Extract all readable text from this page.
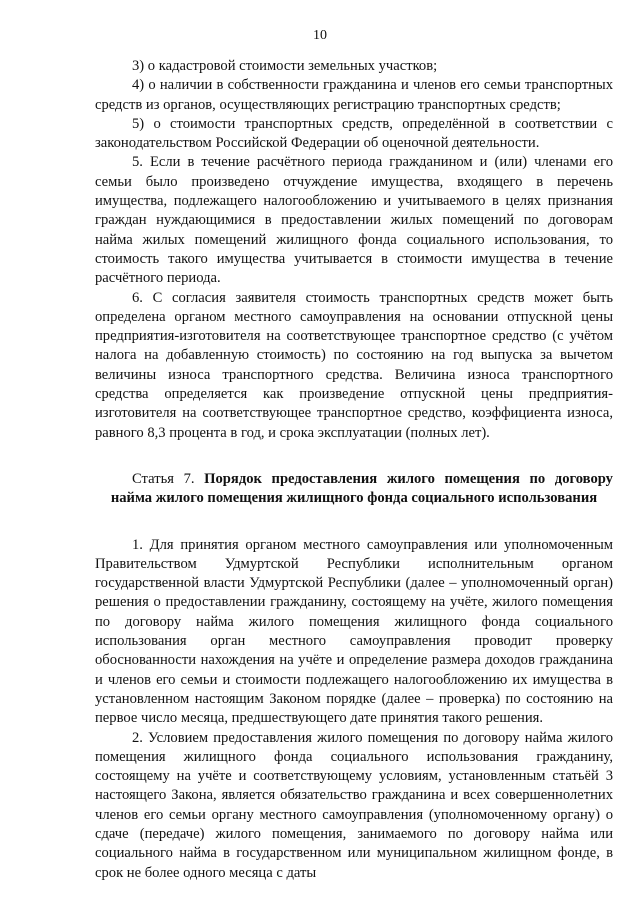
10

3) о кадастровой стоимости земельных участков;

4) о наличии в собственности гражданина и членов его семьи транспортных средств из органов, осуществляющих регистрацию транспортных средств;

5) о стоимости транспортных средств, определённой в соответствии с законодательством Российской Федерации об оценочной деятельности.

5. Если в течение расчётного периода гражданином и (или) членами его семьи было произведено отчуждение имущества, входящего в перечень имущества, подлежащего налогообложению и учитываемого в целях признания граждан нуждающимися в предоставлении жилых помещений по договорам найма жилых помещений жилищного фонда социального использования, то стоимость такого имущества учитывается в стоимости имущества в течение расчётного периода.

6. С согласия заявителя стоимость транспортных средств может быть определена органом местного самоуправления на основании отпускной цены предприятия-изготовителя на соответствующее транспортное средство (с учётом налога на добавленную стоимость) по состоянию на год выпуска за вычетом величины износа транспортного средства. Величина износа транспортного средства определяется как произведение отпускной цены предприятия-изготовителя на соответствующее транспортное средство, коэффициента износа, равного 8,3 процента в год, и срока эксплуатации (полных лет).

Статья 7. Порядок предоставления жилого помещения по договору найма жилого помещения жилищного фонда социального использования

1. Для принятия органом местного самоуправления или уполномоченным Правительством Удмуртской Республики исполнительным органом государственной власти Удмуртской Республики (далее – уполномоченный орган) решения о предоставлении гражданину, состоящему на учёте, жилого помещения по договору найма жилого помещения жилищного фонда социального использования орган местного самоуправления проводит проверку обоснованности нахождения на учёте и определение размера доходов гражданина и членов его семьи и стоимости подлежащего налогообложению их имущества в установленном настоящим Законом порядке (далее – проверка) по состоянию на первое число месяца, предшествующего дате принятия такого решения.

2. Условием предоставления жилого помещения по договору найма жилого помещения жилищного фонда социального использования гражданину, состоящему на учёте и соответствующему условиям, установленным статьёй 3 настоящего Закона, является обязательство гражданина и всех совершеннолетних членов его семьи органу местного самоуправления (уполномоченному органу) о сдаче (передаче) жилого помещения, занимаемого по договору найма или социального найма в государственном или муниципальном жилищном фонде, в срок не более одного месяца с даты
